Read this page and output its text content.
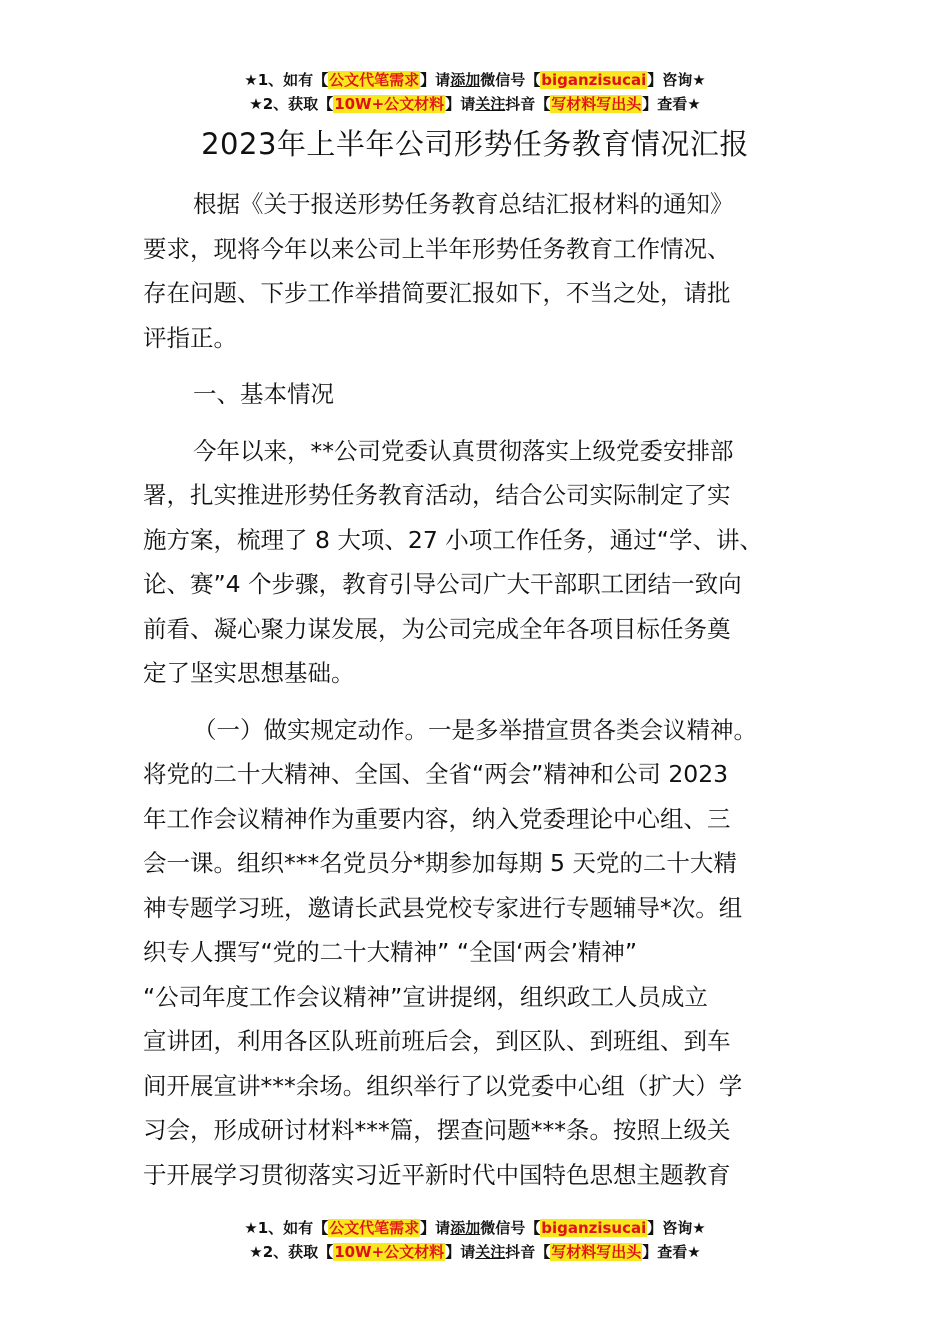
★1、如有【公文代笔需求】请添加微信号【biganzisucai】咨询★
★2、获取【10W+公文材料】请关注抖音【写材料写出头】查看★
2023年上半年公司形势任务教育情况汇报
根据《关于报送形势任务教育总结汇报材料的通知》
要求，现将今年以来公司上半年形势任务教育工作情况、
存在问题、下步工作举措简要汇报如下，不当之处，请批
评指正。
一、基本情况
今年以来，**公司党委认真贯彻落实上级党委安排部
署，扎实推进形势任务教育活动，结合公司实际制定了实
施方案，梳理了 8 大项、27 小项工作任务，通过“学、讲、
论、赛”4 个步骤，教育引导公司广大干部职工团结一致向
前看、凝心聚力谋发展，为公司完成全年各项目标任务奠
定了坚实思想基础。
（一）做实规定动作。一是多举措宣贯各类会议精神。
将党的二十大精神、全国、全省“两会”精神和公司 2023
年工作会议精神作为重要内容，纳入党委理论中心组、三
会一课。组织***名党员分*期参加每期 5 天党的二十大精
神专题学习班，邀请长武县党校专家进行专题辅导*次。组
织专人撰写“党的二十大精神” “全国‘两会’精神”
“公司年度工作会议精神”宣讲提纲，组织政工人员成立
宣讲团，利用各区队班前班后会，到区队、到班组、到车
间开展宣讲***余场。组织举行了以党委中心组（扩大）学
习会，形成研讨材料***篇，摆查问题***条。按照上级关
于开展学习贯彻落实习近平新时代中国特色思想主题教育
★1、如有【公文代笔需求】请添加微信号【biganzisucai】咨询★
★2、获取【10W+公文材料】请关注抖音【写材料写出头】查看★
